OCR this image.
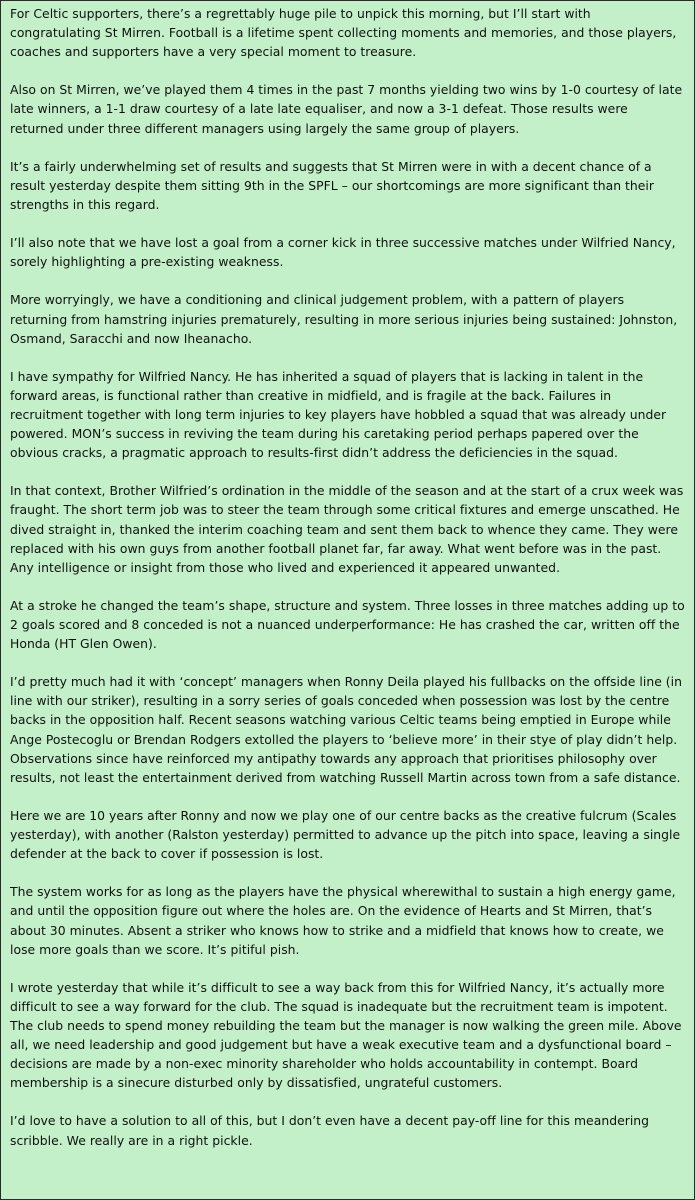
For Celtic supporters, there’s a regrettably huge pile to unpick this morning, but I’ll start with congratulating St Mirren. Football is a lifetime spent collecting moments and memories, and those players, coaches and supporters have a very special moment to treasure.

Also on St Mirren, we’ve played them 4 times in the past 7 months yielding two wins by 1-0 courtesy of late late winners, a 1-1 draw courtesy of a late late equaliser, and now a 3-1 defeat. Those results were returned under three different managers using largely the same group of players.

It’s a fairly underwhelming set of results and suggests that St Mirren were in with a decent chance of a result yesterday despite them sitting 9th in the SPFL – our shortcomings are more significant than their strengths in this regard.

I’ll also note that we have lost a goal from a corner kick in three successive matches under Wilfried Nancy, sorely highlighting a pre-existing weakness.

More worryingly, we have a conditioning and clinical judgement problem, with a pattern of players returning from hamstring injuries prematurely, resulting in more serious injuries being sustained: Johnston, Osmand, Saracchi and now Iheanacho.

I have sympathy for Wilfried Nancy. He has inherited a squad of players that is lacking in talent in the forward areas, is functional rather than creative in midfield, and is fragile at the back. Failures in recruitment together with long term injuries to key players have hobbled a squad that was already under powered. MON’s success in reviving the team during his caretaking period perhaps papered over the obvious cracks, a pragmatic approach to results-first didn’t address the deficiencies in the squad.

In that context, Brother Wilfried’s ordination in the middle of the season and at the start of a crux week was fraught. The short term job was to steer the team through some critical fixtures and emerge unscathed. He dived straight in, thanked the interim coaching team and sent them back to whence they came. They were replaced with his own guys from another football planet far, far away. What went before was in the past. Any intelligence or insight from those who lived and experienced it appeared unwanted.

At a stroke he changed the team’s shape, structure and system. Three losses in three matches adding up to 2 goals scored and 8 conceded is not a nuanced underperformance: He has crashed the car, written off the Honda (HT Glen Owen).

I’d pretty much had it with ‘concept’ managers when Ronny Deila played his fullbacks on the offside line (in line with our striker), resulting in a sorry series of goals conceded when possession was lost by the centre backs in the opposition half. Recent seasons watching various Celtic teams being emptied in Europe while Ange Postecoglu or Brendan Rodgers extolled the players to ‘believe more’ in their stye of play didn’t help. Observations since have reinforced my antipathy towards any approach that prioritises philosophy over results, not least the entertainment derived from watching Russell Martin across town from a safe distance.

Here we are 10 years after Ronny and now we play one of our centre backs as the creative fulcrum (Scales yesterday), with another (Ralston yesterday) permitted to advance up the pitch into space, leaving a single defender at the back to cover if possession is lost.

The system works for as long as the players have the physical wherewithal to sustain a high energy game, and until the opposition figure out where the holes are. On the evidence of Hearts and St Mirren, that’s about 30 minutes. Absent a striker who knows how to strike and a midfield that knows how to create, we lose more goals than we score. It’s pitiful pish.

I wrote yesterday that while it’s difficult to see a way back from this for Wilfried Nancy, it’s actually more difficult to see a way forward for the club. The squad is inadequate but the recruitment team is impotent. The club needs to spend money rebuilding the team but the manager is now walking the green mile. Above all, we need leadership and good judgement but have a weak executive team and a dysfunctional board – decisions are made by a non-exec minority shareholder who holds accountability in contempt. Board membership is a sinecure disturbed only by dissatisfied, ungrateful customers.

I’d love to have a solution to all of this, but I don’t even have a decent pay-off line for this meandering scribble. We really are in a right pickle.
